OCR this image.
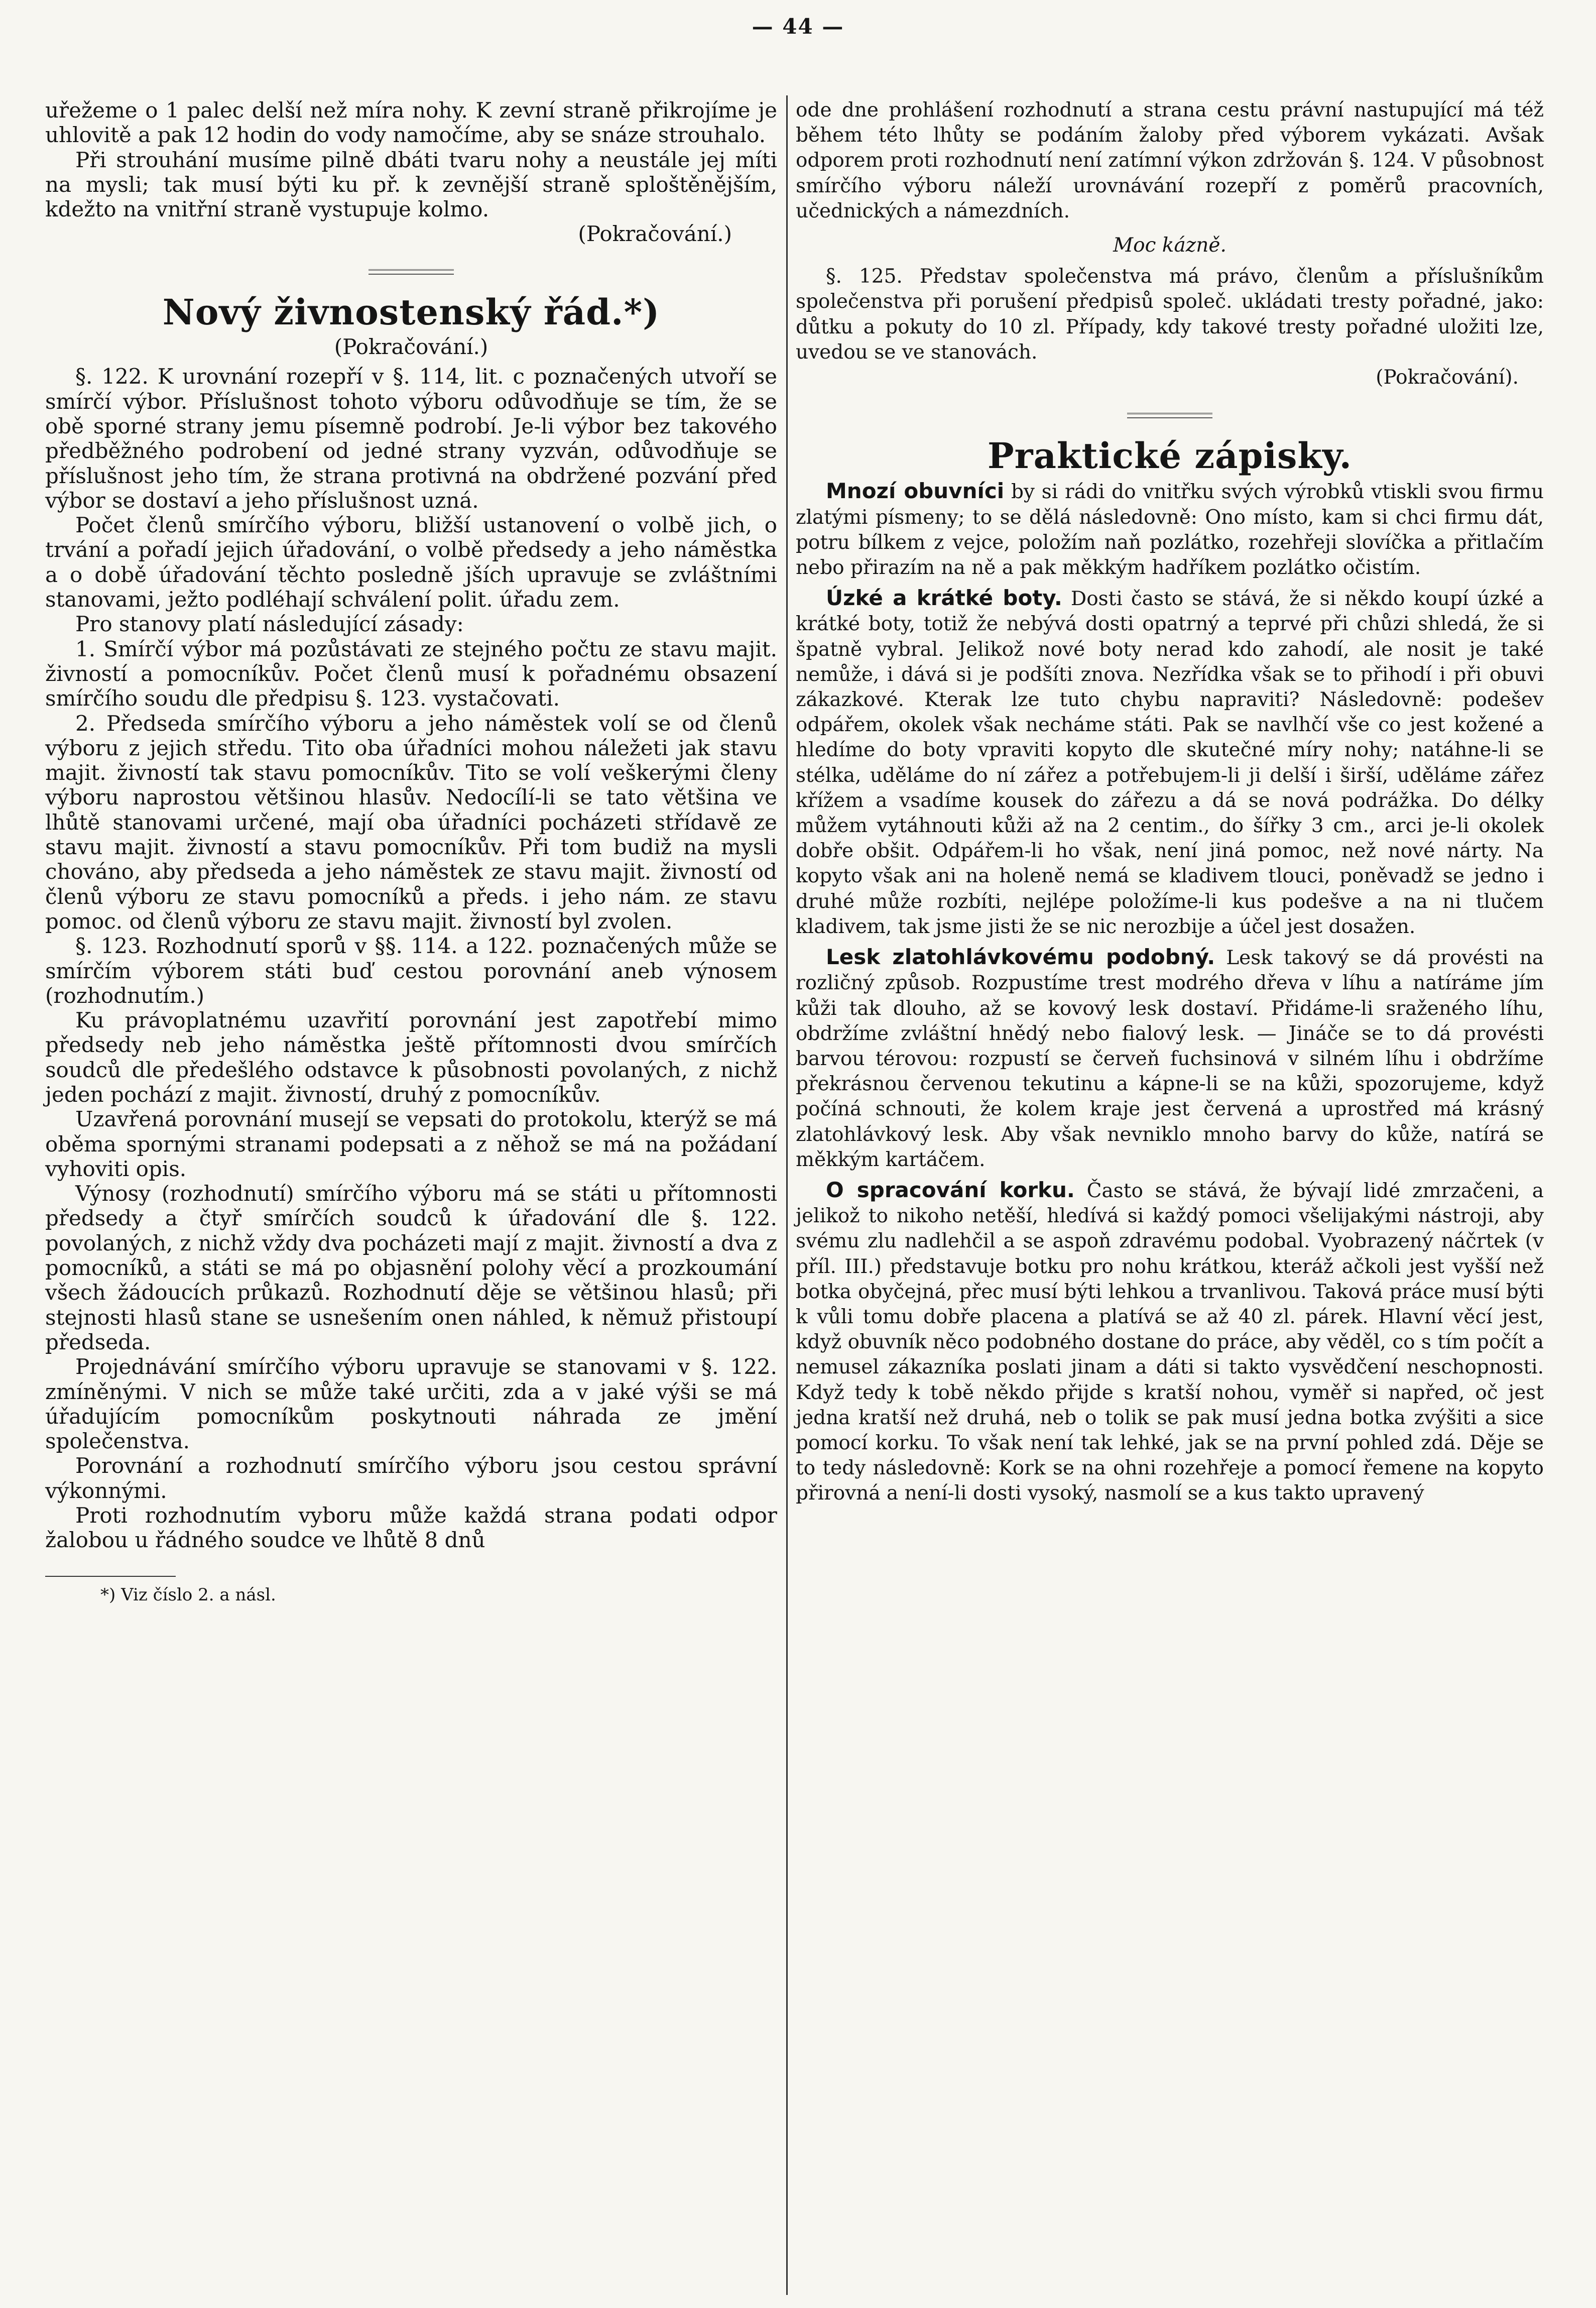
— 44 —

uřežeme o 1 palec delší než míra nohy. K zevní straně přikrojíme je uhlovitě a pak 12 hodin do vody namočíme, aby se snáze strouhalo.

Při strouhání musíme pilně dbáti tvaru nohy a neustále jej míti na mysli; tak musí býti ku př. k zevnější straně sploštěnějším, kdežto na vnitřní straně vystupuje kolmo.

(Pokračování.)

Nový živnostenský řád.*)

(Pokračování.)

§. 122. K urovnání rozepří v §. 114, lit. c poznačených utvoří se smírčí výbor. Příslušnost tohoto výboru odůvodňuje se tím, že se obě sporné strany jemu písemně podrobí. Je-li výbor bez takového předběžného podrobení od jedné strany vyzván, odůvodňuje se příslušnost jeho tím, že strana protivná na obdržené pozvání před výbor se dostaví a jeho příslušnost uzná.

Počet členů smírčího výboru, bližší ustanovení o volbě jich, o trvání a pořadí jejich úřadování, o volbě předsedy a jeho náměstka a o době úřadování těchto posledně jších upravuje se zvláštními stanovami, ježto podléhají schválení polit. úřadu zem.

Pro stanovy platí následující zásady:

1. Smírčí výbor má pozůstávati ze stejného počtu ze stavu majit. živností a pomocníkův. Počet členů musí k pořadnému obsazení smírčího soudu dle předpisu §. 123. vystačovati.

2. Předseda smírčího výboru a jeho náměstek volí se od členů výboru z jejich středu. Tito oba úřadníci mohou náležeti jak stavu majit. živností tak stavu pomocníkův. Tito se volí veškerými členy výboru naprostou většinou hlasův. Nedocílí-li se tato většina ve lhůtě stanovami určené, mají oba úřadníci pocházeti střídavě ze stavu majit. živností a stavu pomocníkův. Při tom budiž na mysli chováno, aby předseda a jeho náměstek ze stavu majit. živností od členů výboru ze stavu pomocníků a předs. i jeho nám. ze stavu pomoc. od členů výboru ze stavu majit. živností byl zvolen.

§. 123. Rozhodnutí sporů v §§. 114. a 122. poznačených může se smírčím výborem státi buď cestou porovnání aneb výnosem (rozhodnutím.)

Ku právoplatnému uzavřití porovnání jest zapotřebí mimo předsedy neb jeho náměstka ještě přítomnosti dvou smírčích soudců dle předešlého odstavce k působnosti povolaných, z nichž jeden pochází z majit. živností, druhý z pomocníkův.

Uzavřená porovnání musejí se vepsati do protokolu, kterýž se má oběma spornými stranami podepsati a z něhož se má na požádaní vyhoviti opis.

Výnosy (rozhodnutí) smírčího výboru má se státi u přítomnosti předsedy a čtyř smírčích soudců k úřadování dle §. 122. povolaných, z nichž vždy dva pocházeti mají z majit. živností a dva z pomocníků, a státi se má po objasnění polohy věcí a prozkoumání všech žádoucích průkazů. Rozhodnutí děje se většinou hlasů; při stejnosti hlasů stane se usnešením onen náhled, k němuž přistoupí předseda.

Projednávání smírčího výboru upravuje se stanovami v §. 122. zmíněnými. V nich se může také určiti, zda a v jaké výši se má úřadujícím pomocníkům poskytnouti náhrada ze jmění společenstva.

Porovnání a rozhodnutí smírčího výboru jsou cestou správní výkonnými.

Proti rozhodnutím vyboru může každá strana podati odpor žalobou u řádného soudce ve lhůtě 8 dnů

*) Viz číslo 2. a násl.

ode dne prohlášení rozhodnutí a strana cestu právní nastupující má též během této lhůty se podáním žaloby před výborem vykázati. Avšak odporem proti rozhodnutí není zatímní výkon zdržován §. 124. V působnost smírčího výboru náleží urovnávání rozepří z poměrů pracovních, učednických a námezdních.

Moc kázně.

§. 125. Představ společenstva má právo, členům a příslušníkům společenstva při porušení předpisů společ. ukládati tresty pořadné, jako: důtku a pokuty do 10 zl. Případy, kdy takové tresty pořadné uložiti lze, uvedou se ve stanovách.

(Pokračování).

Praktické zápisky.

Mnozí obuvníci by si rádi do vnitřku svých výrobků vtiskli svou firmu zlatými písmeny; to se dělá následovně: Ono místo, kam si chci firmu dát, potru bílkem z vejce, položím naň pozlátko, rozehřeji slovíčka a přitlačím nebo přirazím na ně a pak měkkým hadříkem pozlátko očistím.

Úzké a krátké boty. Dosti často se stává, že si někdo koupí úzké a krátké boty, totiž že nebývá dosti opatrný a teprvé při chůzi shledá, že si špatně vybral. Jelikož nové boty nerad kdo zahodí, ale nosit je také nemůže, i dává si je podšíti znova. Nezřídka však se to přihodí i při obuvi zákazkové. Kterak lze tuto chybu napraviti? Následovně: podešev odpářem, okolek však necháme státi. Pak se navlhčí vše co jest kožené a hledíme do boty vpraviti kopyto dle skutečné míry nohy; natáhne-li se stélka, uděláme do ní zářez a potřebujem-li ji delší i širší, uděláme zářez křížem a vsadíme kousek do zářezu a dá se nová podrážka. Do délky můžem vytáhnouti kůži až na 2 centim., do šířky 3 cm., arci je-li okolek dobře obšit. Odpářem-li ho však, není jiná pomoc, než nové nárty. Na kopyto však ani na holeně nemá se kladivem tlouci, poněvadž se jedno i druhé může rozbíti, nejlépe položíme-li kus podešve a na ni tlučem kladivem, tak jsme jisti že se nic nerozbije a účel jest dosažen.

Lesk zlatohlávkovému podobný. Lesk takový se dá provésti na rozličný způsob. Rozpustíme trest modrého dřeva v líhu a natíráme jím kůži tak dlouho, až se kovový lesk dostaví. Přidáme-li sraženého líhu, obdržíme zvláštní hnědý nebo fialový lesk. — Jináče se to dá provésti barvou térovou: rozpustí se červeň fuchsinová v silném líhu i obdržíme překrásnou červenou tekutinu a kápne-li se na kůži, spozorujeme, když počíná schnouti, že kolem kraje jest červená a uprostřed má krásný zlatohlávkový lesk. Aby však nevniklo mnoho barvy do kůže, natírá se měkkým kartáčem.

O spracování korku. Často se stává, že bývají lidé zmrzačeni, a jelikož to nikoho netěší, hledívá si každý pomoci všelijakými nástroji, aby svému zlu nadlehčil a se aspoň zdravému podobal. Vyobrazený náčrtek (v příl. III.) představuje botku pro nohu krátkou, kteráž ačkoli jest vyšší než botka obyčejná, přec musí býti lehkou a trvanlivou. Taková práce musí býti k vůli tomu dobře placena a platívá se až 40 zl. párek. Hlavní věcí jest, když obuvník něco podobného dostane do práce, aby věděl, co s tím počít a nemusel zákazníka poslati jinam a dáti si takto vysvědčení neschopnosti. Když tedy k tobě někdo přijde s kratší nohou, vyměř si napřed, oč jest jedna kratší než druhá, neb o tolik se pak musí jedna botka zvýšiti a sice pomocí korku. To však není tak lehké, jak se na první pohled zdá. Děje se to tedy následovně: Kork se na ohni rozehřeje a pomocí řemene na kopyto přirovná a není-li dosti vysoký, nasmolí se a kus takto upravený
